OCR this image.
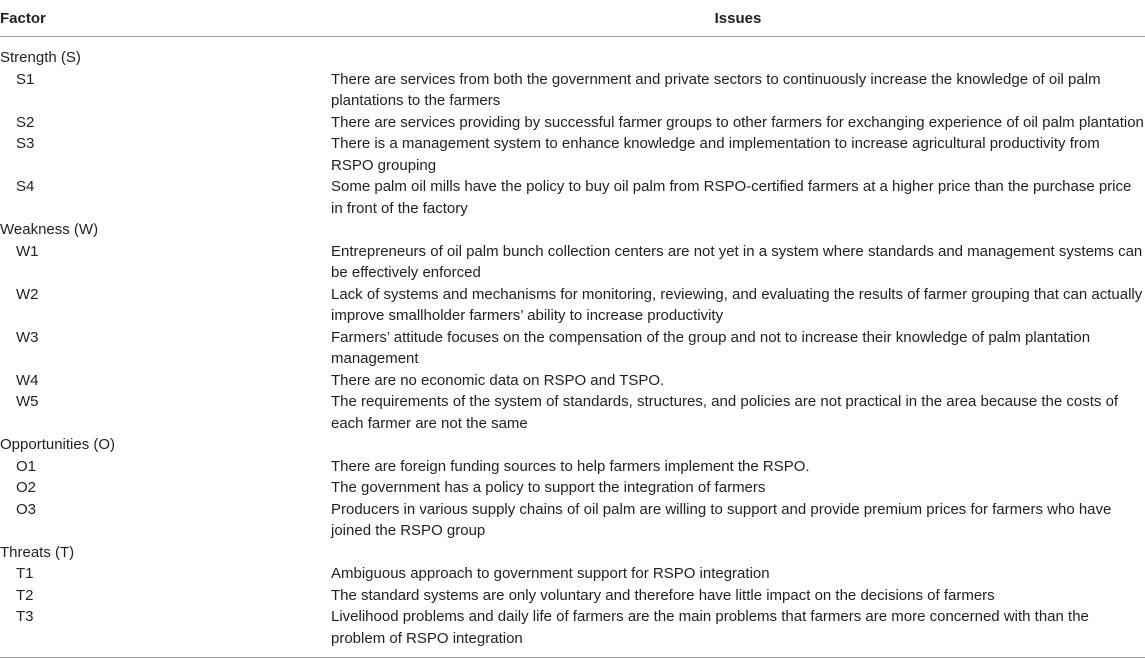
Factor	Issues
Strength (S)	
S1	There are services from both the government and private sectors to continuously increase the knowledge of oil palm plantations to the farmers
S2	There are services providing by successful farmer groups to other farmers for exchanging experience of oil palm plantation
S3	There is a management system to enhance knowledge and implementation to increase agricultural productivity from RSPO grouping
S4	Some palm oil mills have the policy to buy oil palm from RSPO-certified farmers at a higher price than the purchase price in front of the factory
Weakness (W)	
W1	Entrepreneurs of oil palm bunch collection centers are not yet in a system where standards and management systems can be effectively enforced
W2	Lack of systems and mechanisms for monitoring, reviewing, and evaluating the results of farmer grouping that can actually improve smallholder farmers’ ability to increase productivity
W3	Farmers’ attitude focuses on the compensation of the group and not to increase their knowledge of palm plantation management
W4	There are no economic data on RSPO and TSPO.
W5	The requirements of the system of standards, structures, and policies are not practical in the area because the costs of each farmer are not the same
Opportunities (O)	
O1	There are foreign funding sources to help farmers implement the RSPO.
O2	The government has a policy to support the integration of farmers
O3	Producers in various supply chains of oil palm are willing to support and provide premium prices for farmers who have joined the RSPO group
Threats (T)	
T1	Ambiguous approach to government support for RSPO integration
T2	The standard systems are only voluntary and therefore have little impact on the decisions of farmers
T3	Livelihood problems and daily life of farmers are the main problems that farmers are more concerned with than the problem of RSPO integration
